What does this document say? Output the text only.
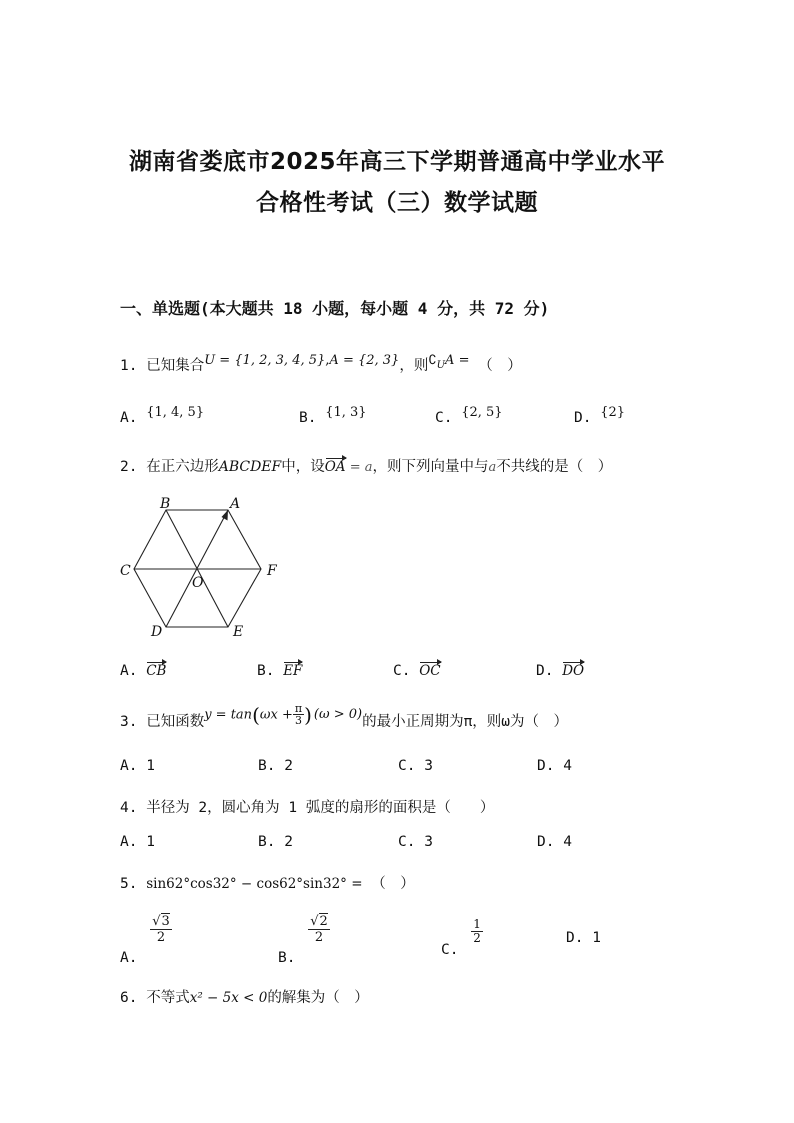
湖南省娄底市2025年高三下学期普通高中学业水平
合格性考试（三）数学试题
一、单选题(本大题共 18 小题，每小题 4 分，共 72 分)
1. 已知集合U = {1, 2, 3, 4, 5},A = {2, 3}，则∁UA = （　）
A. {1, 4, 5}	B. {1, 3}	C. {2, 5}	D. {2}
2. 在正六边形ABCDEF中，设OA = a，则下列向量中与a不共线的是（　）
B	A
C	F
O
D	E
A. CB	B. EF	C. OC	D. DO
3. 已知函数$y = \tan(\omega x + \frac{\pi}{3}$ ) (ω > 0)的最小正周期为π，则ω为（　）
A. 1	B. 2	C. 3	D. 4
4. 半径为 2，圆心角为 1 弧度的扇形的面积是（　　）
A. 1	B. 2	C. 3	D. 4
5. sin62°cos32° − cos62°sin32° = （　）
A.
$\frac{√3}{2}$
B.
$\frac{√2}{2}$
C.
$\frac{1}{2}$	D. 1
6. 不等式x² − 5x < 0的解集为（　）
